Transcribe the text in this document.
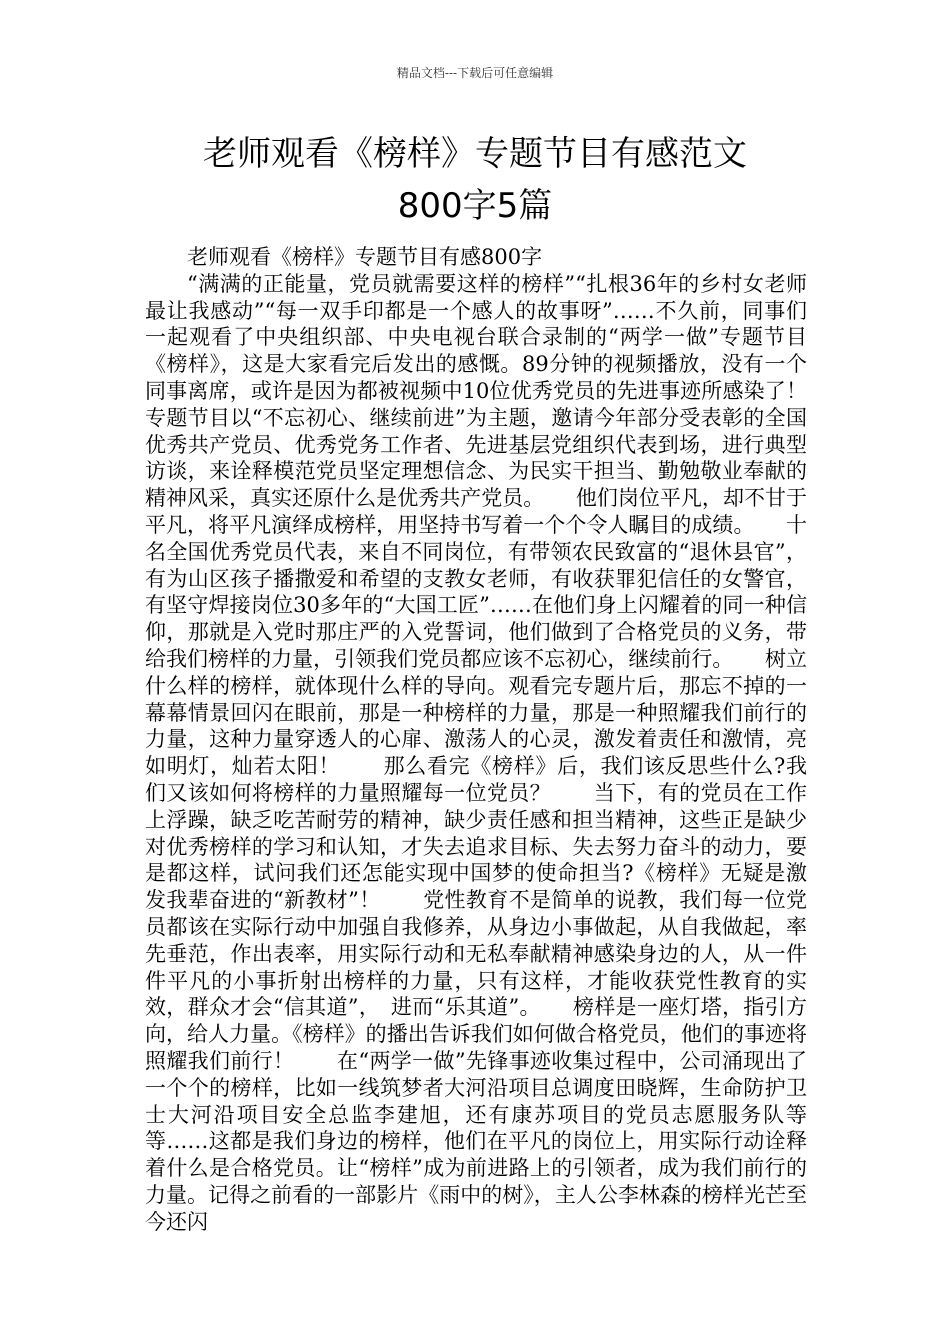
精品文档---下载后可任意编辑
老师观看《榜样》专题节目有感范文
800字5篇

老师观看《榜样》专题节目有感800字

“满满的正能量，党员就需要这样的榜样”“扎根36年的乡村女老师最让我感动”“每一双手印都是一个感人的故事呀”……不久前，同事们一起观看了中央组织部、中央电视台联合录制的“两学一做”专题节目《榜样》，这是大家看完后发出的感慨。89分钟的视频播放，没有一个同事离席，或许是因为都被视频中10位优秀党员的先进事迹所感染了！　　专题节目以“不忘初心、继续前进”为主题，邀请今年部分受表彰的全国优秀共产党员、优秀党务工作者、先进基层党组织代表到场，进行典型访谈，来诠释模范党员坚定理想信念、为民实干担当、勤勉敬业奉献的精神风采，真实还原什么是优秀共产党员。　　他们岗位平凡，却不甘于平凡，将平凡演绎成榜样，用坚持书写着一个个令人瞩目的成绩。　　十名全国优秀党员代表，来自不同岗位，有带领农民致富的“退休县官”，有为山区孩子播撒爱和希望的支教女老师，有收获罪犯信任的女警官，有坚守焊接岗位30多年的“大国工匠”……在他们身上闪耀着的同一种信仰，那就是入党时那庄严的入党誓词，他们做到了合格党员的义务，带给我们榜样的力量，引领我们党员都应该不忘初心，继续前行。　　树立什么样的榜样，就体现什么样的导向。观看完专题片后，那忘不掉的一幕幕情景回闪在眼前，那是一种榜样的力量，那是一种照耀我们前行的力量，这种力量穿透人的心扉、激荡人的心灵，激发着责任和激情，亮如明灯，灿若太阳！　　那么看完《榜样》后，我们该反思些什么?我们又该如何将榜样的力量照耀每一位党员？　　当下，有的党员在工作上浮躁，缺乏吃苦耐劳的精神，缺少责任感和担当精神，这些正是缺少对优秀榜样的学习和认知，才失去追求目标、失去努力奋斗的动力，要是都这样，试问我们还怎能实现中国梦的使命担当?《榜样》无疑是激发我辈奋进的“新教材”！　　党性教育不是简单的说教，我们每一位党员都该在实际行动中加强自我修养，从身边小事做起，从自我做起，率先垂范，作出表率，用实际行动和无私奉献精神感染身边的人，从一件件平凡的小事折射出榜样的力量，只有这样，才能收获党性教育的实效，群众才会“信其道”，　进而“乐其道”。　　榜样是一座灯塔，指引方向，给人力量。《榜样》的播出告诉我们如何做合格党员，他们的事迹将照耀我们前行！　　在“两学一做”先锋事迹收集过程中，公司涌现出了一个个的榜样，比如一线筑梦者大河沿项目总调度田晓辉，生命防护卫士大河沿项目安全总监李建旭，还有康苏项目的党员志愿服务队等等……这都是我们身边的榜样，他们在平凡的岗位上，用实际行动诠释着什么是合格党员。让“榜样”成为前进路上的引领者，成为我们前行的力量。记得之前看的一部影片《雨中的树》，主人公李林森的榜样光芒至今还闪
